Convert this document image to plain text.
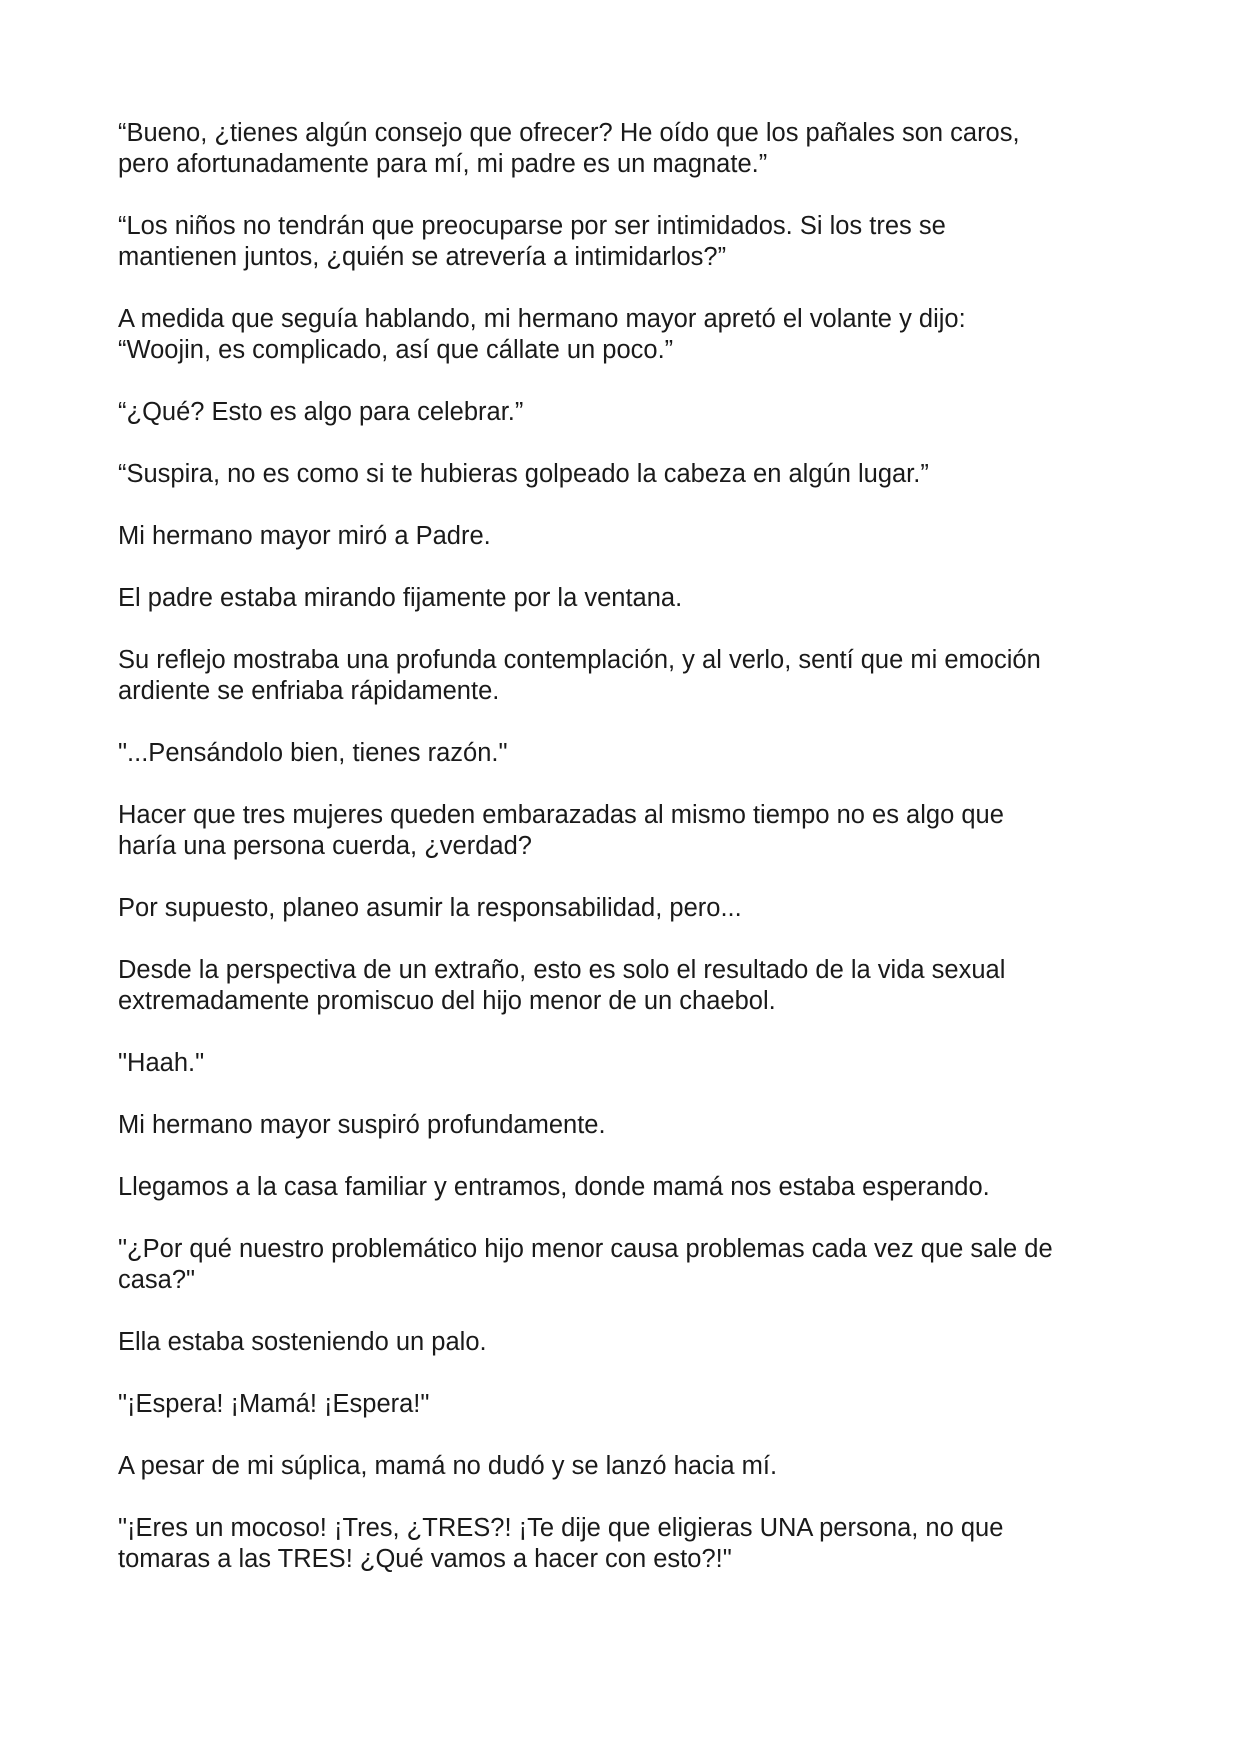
“Bueno, ¿tienes algún consejo que ofrecer? He oído que los pañales son caros,
pero afortunadamente para mí, mi padre es un magnate.”

“Los niños no tendrán que preocuparse por ser intimidados. Si los tres se
mantienen juntos, ¿quién se atrevería a intimidarlos?”

A medida que seguía hablando, mi hermano mayor apretó el volante y dijo:
“Woojin, es complicado, así que cállate un poco.”

“¿Qué? Esto es algo para celebrar.”

“Suspira, no es como si te hubieras golpeado la cabeza en algún lugar.”

Mi hermano mayor miró a Padre.

El padre estaba mirando fijamente por la ventana.

Su reflejo mostraba una profunda contemplación, y al verlo, sentí que mi emoción
ardiente se enfriaba rápidamente.

"...Pensándolo bien, tienes razón."

Hacer que tres mujeres queden embarazadas al mismo tiempo no es algo que
haría una persona cuerda, ¿verdad?

Por supuesto, planeo asumir la responsabilidad, pero...

Desde la perspectiva de un extraño, esto es solo el resultado de la vida sexual
extremadamente promiscuo del hijo menor de un chaebol.

"Haah."

Mi hermano mayor suspiró profundamente.

Llegamos a la casa familiar y entramos, donde mamá nos estaba esperando.

"¿Por qué nuestro problemático hijo menor causa problemas cada vez que sale de
casa?"

Ella estaba sosteniendo un palo.

"¡Espera! ¡Mamá! ¡Espera!"

A pesar de mi súplica, mamá no dudó y se lanzó hacia mí.

"¡Eres un mocoso! ¡Tres, ¿TRES?! ¡Te dije que eligieras UNA persona, no que
tomaras a las TRES! ¿Qué vamos a hacer con esto?!"
